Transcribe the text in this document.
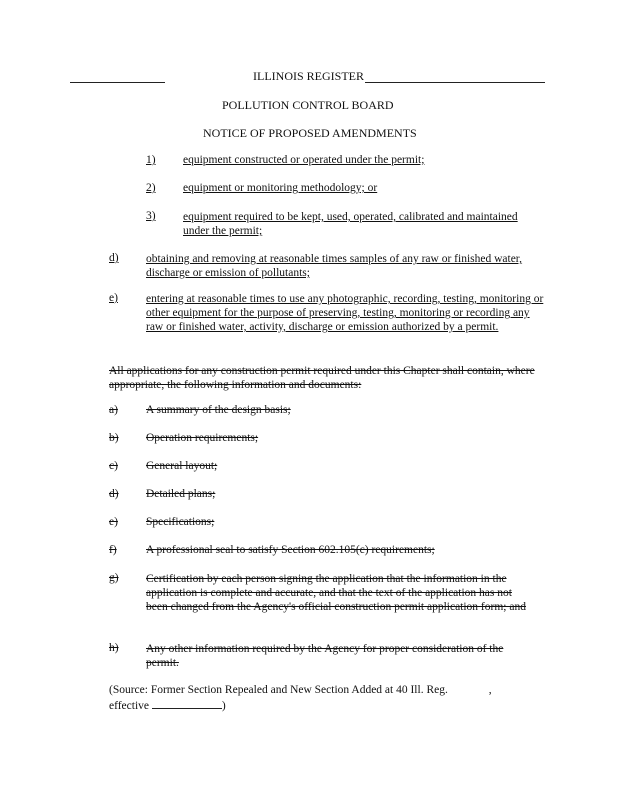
ILLINOIS REGISTER
POLLUTION CONTROL BOARD
NOTICE OF PROPOSED AMENDMENTS
1) equipment constructed or operated under the permit;
2) equipment or monitoring methodology; or
3) equipment required to be kept, used, operated, calibrated and maintained under the permit;
d) obtaining and removing at reasonable times samples of any raw or finished water, discharge or emission of pollutants;
e) entering at reasonable times to use any photographic, recording, testing, monitoring or other equipment for the purpose of preserving, testing, monitoring or recording any raw or finished water, activity, discharge or emission authorized by a permit.
All applications for any construction permit required under this Chapter shall contain, where appropriate, the following information and documents:
a) A summary of the design basis;
b) Operation requirements;
c) General layout;
d) Detailed plans;
e) Specifications;
f)	A professional seal to satisfy Section 602.105(c) requirements;
g) Certification by each person signing the application that the information in the application is complete and accurate, and that the text of the application has not been changed from the Agency's official construction permit application form; and
h) Any other information required by the Agency for proper consideration of the permit.
(Source: Former Section Repealed and New Section Added at 40 Ill. Reg.	,
effective	)
